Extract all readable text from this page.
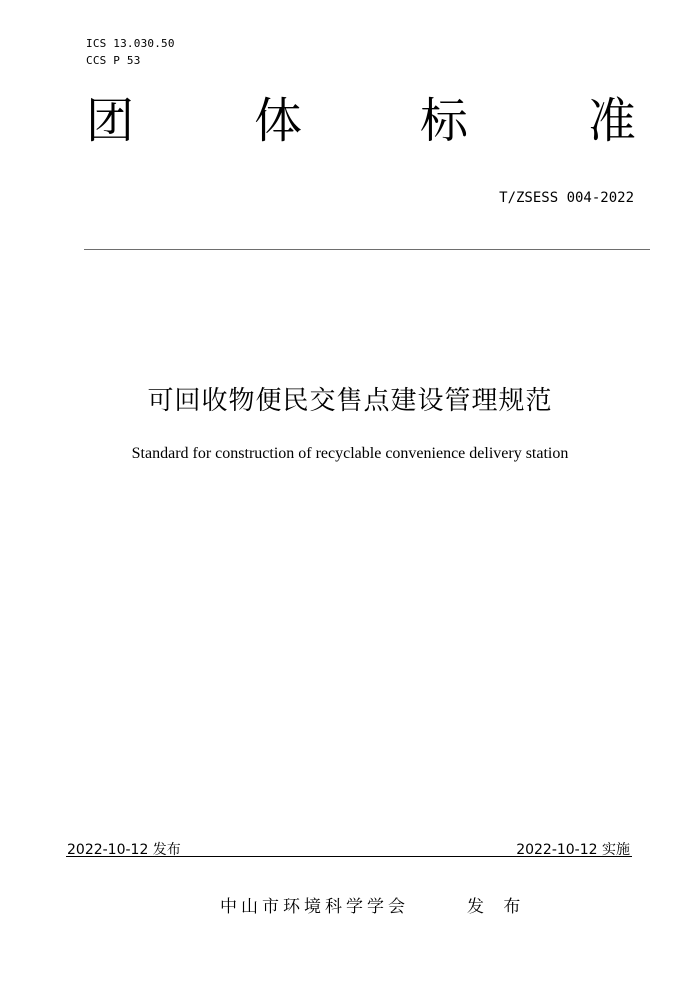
ICS 13.030.50
CCS P 53
团 体 标 准
T/ZSESS 004-2022
可回收物便民交售点建设管理规范
Standard for construction of recyclable convenience delivery station
2022-10-12 发布	2022-10-12 实施
中山市环境科学学会	发 布
